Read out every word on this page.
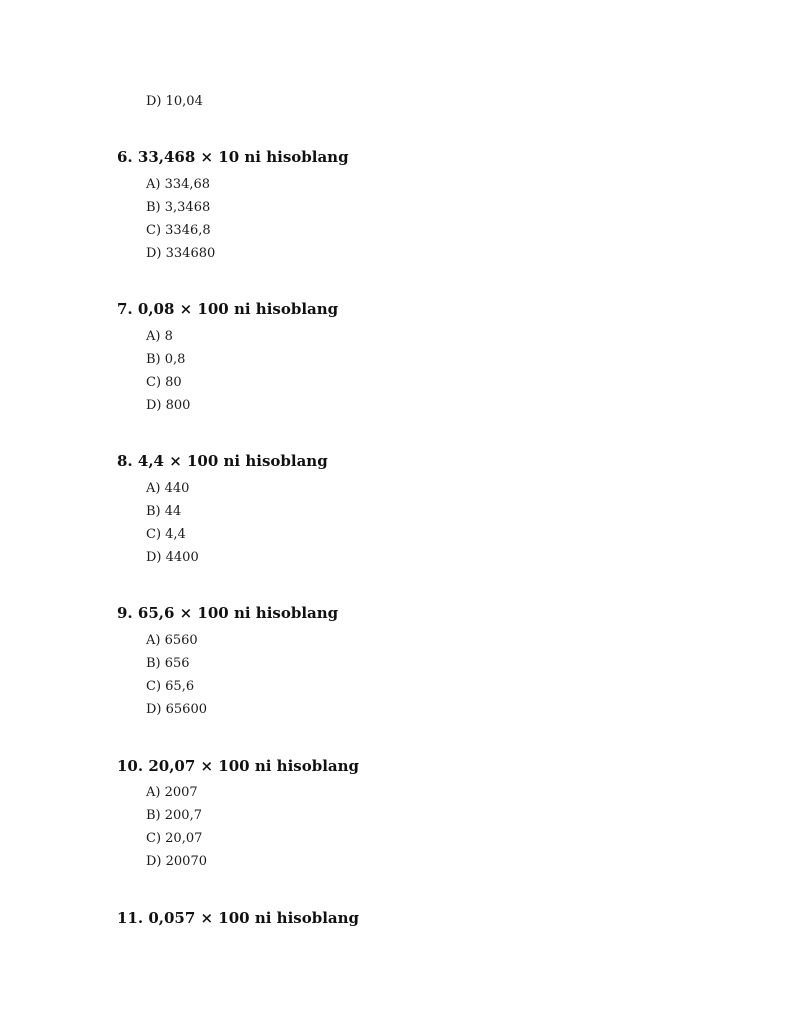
D) 10,04
6. 33,468 × 10 ni hisoblang
A) 334,68
B) 3,3468
C) 3346,8
D) 334680
7. 0,08 × 100 ni hisoblang
A) 8
B) 0,8
C) 80
D) 800
8. 4,4 × 100 ni hisoblang
A) 440
B) 44
C) 4,4
D) 4400
9. 65,6 × 100 ni hisoblang
A) 6560
B) 656
C) 65,6
D) 65600
10. 20,07 × 100 ni hisoblang
A) 2007
B) 200,7
C) 20,07
D) 20070
11. 0,057 × 100 ni hisoblang
